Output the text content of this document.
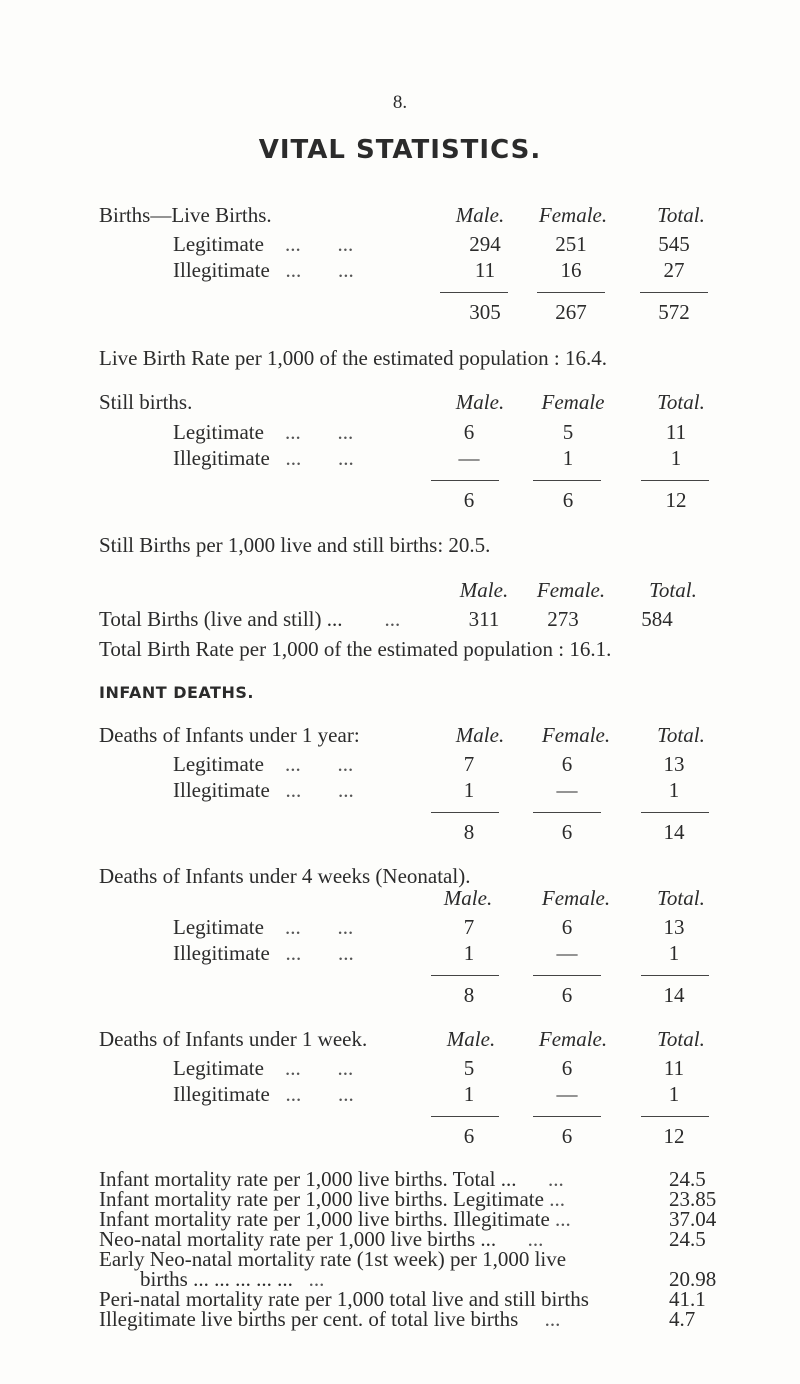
8.
VITAL STATISTICS.
Births—Live Births.	Male.	Female.	Total.
Legitimate    ...       ...	294	251	545
Illegitimate   ...       ...	11	16	27
305	267	572
Live Birth Rate per 1,000 of the estimated population : 16.4.
Still births.	Male.	Female	Total.
Legitimate    ...       ...	6	5	11
Illegitimate   ...       ...	—	1	1
6	6	12
Still Births per 1,000 live and still births: 20.5.
Male.	Female.	Total.
Total Births (live and still) ...        ...	311	273	584
Total Birth Rate per 1,000 of the estimated population : 16.1.
INFANT DEATHS.
Deaths of Infants under 1 year:	Male.	Female.	Total.
Legitimate    ...       ...	7	6	13
Illegitimate   ...       ...	1	—	1
8	6	14
Deaths of Infants under 4 weeks (Neonatal).
Male.	Female.	Total.
Legitimate    ...       ...	7	6	13
Illegitimate   ...       ...	1	—	1
8	6	14
Deaths of Infants under 1 week.	Male.	Female.	Total.
Legitimate    ...       ...	5	6	11
Illegitimate   ...       ...	1	—	1
6	6	12
Infant mortality rate per 1,000 live births. Total ... ...	24.5
Infant mortality rate per 1,000 live births. Legitimate ...	23.85
Infant mortality rate per 1,000 live births. Illegitimate ...	37.04
Neo-natal mortality rate per 1,000 live births ... ...	24.5
Early Neo-natal mortality rate (1st week) per 1,000 live
births ... ... ... ... ... ...	20.98
Peri-natal mortality rate per 1,000 total live and still births	41.1
Illegitimate live births per cent. of total live births ...	4.7
